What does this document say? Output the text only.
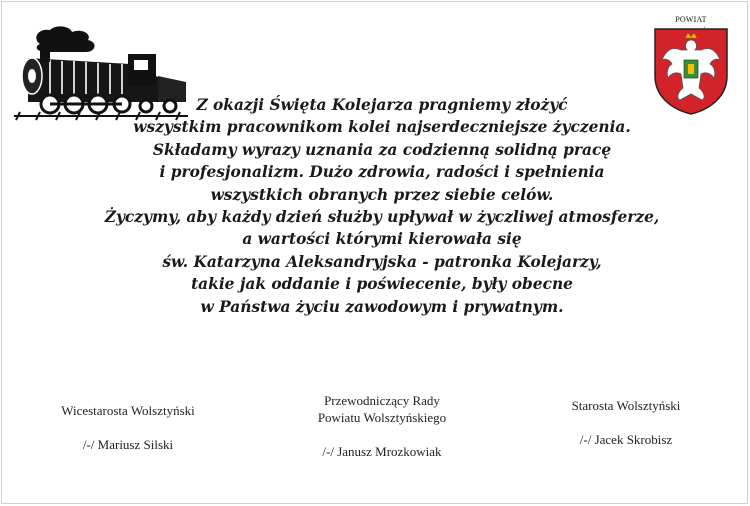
POWIAT
Z okazji Święta Kolejarza pragniemy złożyć
wszystkim pracownikom kolei najserdeczniejsze życzenia.
Składamy wyrazy uznania za codzienną solidną pracę
i profesjonalizm. Dużo zdrowia, radości i spełnienia
wszystkich obranych przez siebie celów.
Życzymy, aby każdy dzień służby upływał w życzliwej atmosferze,
a wartości którymi kierowała się
św. Katarzyna Aleksandryjska - patronka Kolejarzy,
takie jak oddanie i poświecenie, były obecne
w Państwa życiu zawodowym i prywatnym.
Wicestarosta Wolsztyński
/-/ Mariusz Silski
Przewodniczący Rady
Powiatu Wolsztyńskiego
/-/ Janusz Mrozkowiak
Starosta Wolsztyński
/-/ Jacek Skrobisz
